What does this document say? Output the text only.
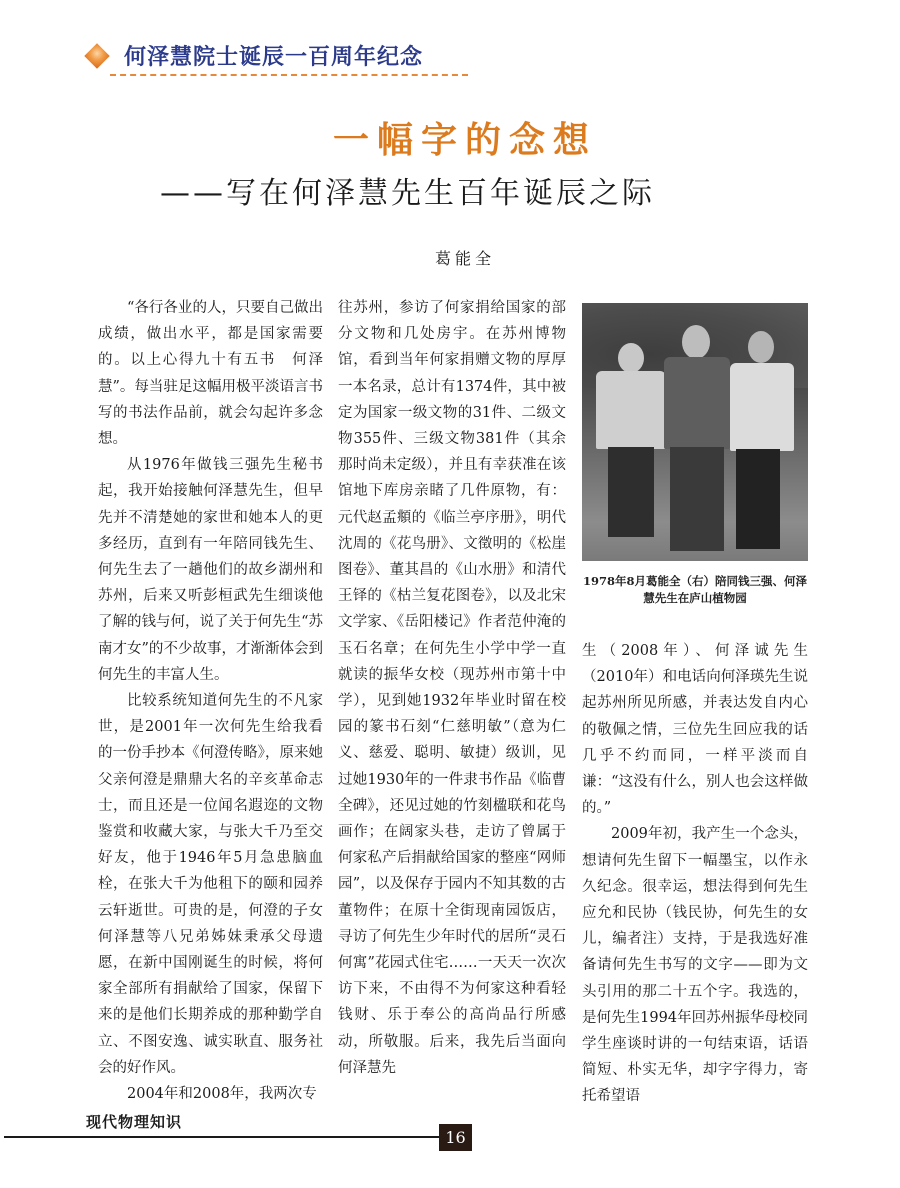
何泽慧院士诞辰一百周年纪念
一幅字的念想
——写在何泽慧先生百年诞辰之际
葛能全

“各行各业的人，只要自己做出成绩，做出水平，都是国家需要的。以上心得九十有五书　何泽慧”。每当驻足这幅用极平淡语言书写的书法作品前，就会勾起许多念想。

从1976年做钱三强先生秘书起，我开始接触何泽慧先生，但早先并不清楚她的家世和她本人的更多经历，直到有一年陪同钱先生、何先生去了一趟他们的故乡湖州和苏州，后来又听彭桓武先生细谈他了解的钱与何，说了关于何先生“苏南才女”的不少故事，才渐渐体会到何先生的丰富人生。

比较系统知道何先生的不凡家世，是2001年一次何先生给我看的一份手抄本《何澄传略》，原来她父亲何澄是鼎鼎大名的辛亥革命志士，而且还是一位闻名遐迩的文物鉴赏和收藏大家，与张大千乃至交好友，他于1946年5月急患脑血栓，在张大千为他租下的颐和园养云轩逝世。可贵的是，何澄的子女何泽慧等八兄弟姊妹秉承父母遗愿，在新中国刚诞生的时候，将何家全部所有捐献给了国家，保留下来的是他们长期养成的那种勤学自立、不图安逸、诚实耿直、服务社会的好作风。

2004年和2008年，我两次专

往苏州，参访了何家捐给国家的部分文物和几处房宇。在苏州博物馆，看到当年何家捐赠文物的厚厚一本名录，总计有1374件，其中被定为国家一级文物的31件、二级文物355件、三级文物381件（其余那时尚未定级），并且有幸获准在该馆地下库房亲睹了几件原物，有：元代赵孟頫的《临兰亭序册》，明代沈周的《花鸟册》、文徵明的《松崖图卷》、董其昌的《山水册》和清代王铎的《枯兰复花图卷》，以及北宋文学家、《岳阳楼记》作者范仲淹的玉石名章；在何先生小学中学一直就读的振华女校（现苏州市第十中学），见到她1932年毕业时留在校园的篆书石刻“仁慈明敏”（意为仁义、慈爱、聪明、敏捷）级训，见过她1930年的一件隶书作品《临曹全碑》，还见过她的竹刻楹联和花鸟画作；在阔家头巷，走访了曾属于何家私产后捐献给国家的整座“网师园”，以及保存于园内不知其数的古董物件；在原十全街现南园饭店，寻访了何先生少年时代的居所“灵石何寓”花园式住宅……一天天一次次访下来，不由得不为何家这种看轻钱财、乐于奉公的高尚品行所感动，所敬服。后来，我先后当面向何泽慧先

1978年8月葛能全（右）陪同钱三强、何泽慧先生在庐山植物园

生（2008年）、何泽诚先生（2010年）和电话向何泽瑛先生说起苏州所见所感，并表达发自内心的敬佩之情，三位先生回应我的话几乎不约而同，一样平淡而自谦：“这没有什么，别人也会这样做的。”

2009年初，我产生一个念头，想请何先生留下一幅墨宝，以作永久纪念。很幸运，想法得到何先生应允和民协（钱民协，何先生的女儿，编者注）支持，于是我选好准备请何先生书写的文字——即为文头引用的那二十五个字。我选的，是何先生1994年回苏州振华母校同学生座谈时讲的一句结束语，话语简短、朴实无华，却字字得力，寄托希望语

现代物理知识
16
